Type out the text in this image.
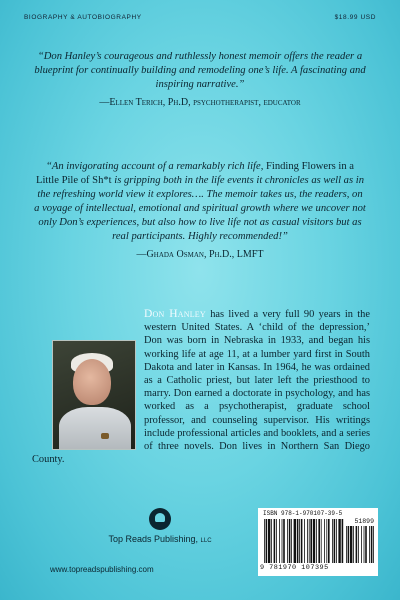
BIOGRAPHY & AUTOBIOGRAPHY	$18.99 USD
“Don Hanley’s courageous and ruthlessly honest memoir offers the reader a blueprint for continually building and remodeling one’s life. A fascinating and inspiring narrative.”
—Ellen Terich, Ph.D, psychotherapist, educator
“An invigorating account of a remarkably rich life, Finding Flowers in a Little Pile of Sh*t is gripping both in the life events it chronicles as well as in the refreshing world view it explores…. The memoir takes us, the readers, on a voyage of intellectual, emotional and spiritual growth where we uncover not only Don’s experiences, but also how to live life not as casual visitors but as real participants. Highly recommended!”
—Ghada Osman, Ph.D., LMFT
Don Hanley has lived a very full 90 years in the western United States. A ‘child of the depression,’ Don was born in Nebraska in 1933, and began his working life at age 11, at a lumber yard first in South Dakota and later in Kansas. In 1964, he was ordained as a Catholic priest, but later left the priesthood to marry. Don earned a doctorate in psychology, and has worked as a psychotherapist, graduate school professor, and counseling supervisor. His writings include professional articles and booklets, and a series of three novels. Don lives in Northern San Diego County.
Top Reads Publishing, LLC
www.topreadspublishing.com
ISBN 978-1-970107-39-5
51899
9 781970 107395
